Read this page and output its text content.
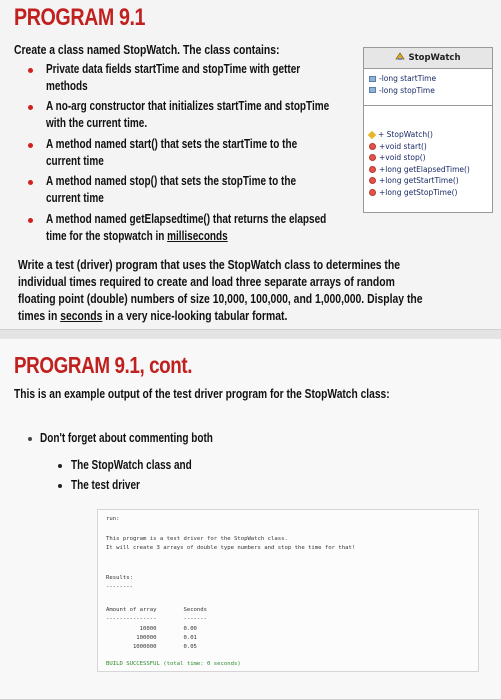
PROGRAM 9.1
Create a class named StopWatch. The class contains:
Private data fields startTime and stopTime with getter
methods
A no-arg constructor that initializes startTime and stopTime
with the current time.
A method named start() that sets the startTime to the
current time
A method named stop() that sets the stopTime to the
current time
A method named getElapsedtime() that returns the elapsed
time for the stopwatch in milliseconds
Write a test (driver) program that uses the StopWatch class to determines the
individual times required to create and load three separate arrays of random
floating point (double) numbers of size 10,000, 100,000, and 1,000,000. Display the
times in seconds in a very nice-looking tabular format.
StopWatch
-long startTime
-long stopTime
+ StopWatch()
+void start()
+void stop()
+long getElapsedTime()
+long getStartTime()
+long getStopTime()
PROGRAM 9.1, cont.
This is an example output of the test driver program for the StopWatch class:
Don't forget about commenting both
The StopWatch class and
The test driver
run:
This program is a test driver for the StopWatch class.
It will create 3 arrays of double type numbers and stop the time for that!
Results:
--------
Amount of array        Seconds
---------------        -------
10000        0.00
100000        0.01
1000000        0.05
BUILD SUCCESSFUL (total time: 0 seconds)
